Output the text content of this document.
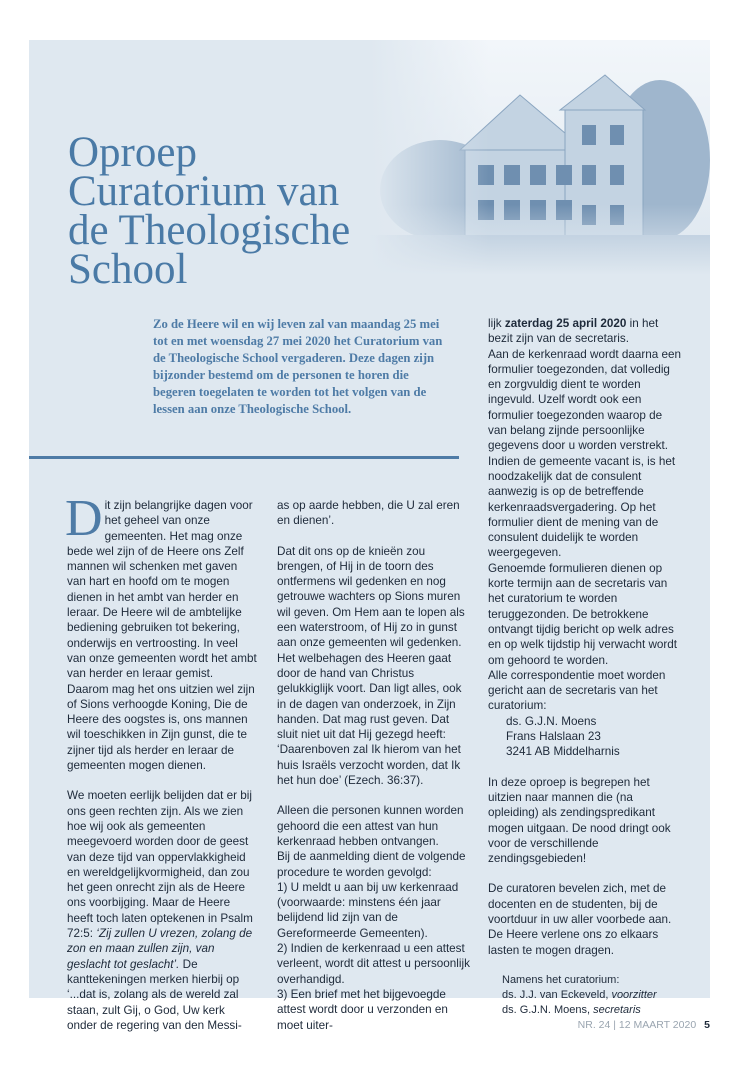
Oproep
Curatorium van
de Theologische
School

Zo de Heere wil en wij leven zal van maandag 25 mei tot en met woensdag 27 mei 2020 het Curatorium van de Theologische School vergaderen. Deze dagen zijn bijzonder bestemd om de personen te horen die begeren toegelaten te worden tot het volgen van de lessen aan onze Theologische School.

Dit zijn belangrijke dagen voor het geheel van onze gemeenten. Het mag onze bede wel zijn of de Heere ons Zelf mannen wil schenken met gaven van hart en hoofd om te mogen dienen in het ambt van herder en leraar. De Heere wil de ambtelijke bediening gebruiken tot bekering, onderwijs en vertroosting. In veel van onze gemeenten wordt het ambt van herder en leraar gemist. Daarom mag het ons uitzien wel zijn of Sions verhoogde Koning, Die de Heere des oogstes is, ons mannen wil toeschikken in Zijn gunst, die te zijner tijd als herder en leraar de gemeenten mogen dienen.

We moeten eerlijk belijden dat er bij ons geen rechten zijn. Als we zien hoe wij ook als gemeenten meegevoerd worden door de geest van deze tijd van oppervlakkigheid en wereldgelijkvormigheid, dan zou het geen onrecht zijn als de Heere ons voorbijging. Maar de Heere heeft toch laten optekenen in Psalm 72:5: ‘Zij zullen U vrezen, zolang de zon en maan zullen zijn, van geslacht tot geslacht’. De kanttekeningen merken hierbij op ‘...dat is, zolang als de wereld zal staan, zult Gij, o God, Uw kerk onder de regering van den Messi-

as op aarde hebben, die U zal eren en dienen’.

Dat dit ons op de knieën zou brengen, of Hij in de toorn des ontfermens wil gedenken en nog getrouwe wachters op Sions muren wil geven. Om Hem aan te lopen als een waterstroom, of Hij zo in gunst aan onze gemeenten wil gedenken. Het welbehagen des Heeren gaat door de hand van Christus gelukkiglijk voort. Dan ligt alles, ook in de dagen van onderzoek, in Zijn handen. Dat mag rust geven. Dat sluit niet uit dat Hij gezegd heeft: ‘Daarenboven zal Ik hierom van het huis Israëls verzocht worden, dat Ik het hun doe’ (Ezech. 36:37).

Alleen die personen kunnen worden gehoord die een attest van hun kerkenraad hebben ontvangen.

Bij de aanmelding dient de volgende procedure te worden gevolgd:

1) U meldt u aan bij uw kerkenraad (voorwaarde: minstens één jaar belijdend lid zijn van de Gereformeerde Gemeenten).

2) Indien de kerkenraad u een attest verleent, wordt dit attest u persoonlijk overhandigd.

3) Een brief met het bijgevoegde attest wordt door u verzonden en moet uiter-

lijk zaterdag 25 april 2020 in het bezit zijn van de secretaris.

Aan de kerkenraad wordt daarna een formulier toegezonden, dat volledig en zorgvuldig dient te worden ingevuld. Uzelf wordt ook een formulier toegezonden waarop de van belang zijnde persoonlijke gegevens door u worden verstrekt.

Indien de gemeente vacant is, is het noodzakelijk dat de consulent aanwezig is op de betreffende kerkenraadsvergadering. Op het formulier dient de mening van de consulent duidelijk te worden weergegeven.

Genoemde formulieren dienen op korte termijn aan de secretaris van het curatorium te worden teruggezonden. De betrokkene ontvangt tijdig bericht op welk adres en op welk tijdstip hij verwacht wordt om gehoord te worden.

Alle correspondentie moet worden gericht aan de secretaris van het curatorium:

ds. G.J.N. Moens

Frans Halslaan 23

3241 AB Middelharnis

In deze oproep is begrepen het uitzien naar mannen die (na opleiding) als zendingspredikant mogen uitgaan. De nood dringt ook voor de verschillende zendingsgebieden!

De curatoren bevelen zich, met de docenten en de studenten, bij de voortduur in uw aller voorbede aan. De Heere verlene ons zo elkaars lasten te mogen dragen.

Namens het curatorium:

ds. J.J. van Eckeveld, voorzitter

ds. G.J.N. Moens, secretaris

NR. 24 | 12 MAART 2020 5
